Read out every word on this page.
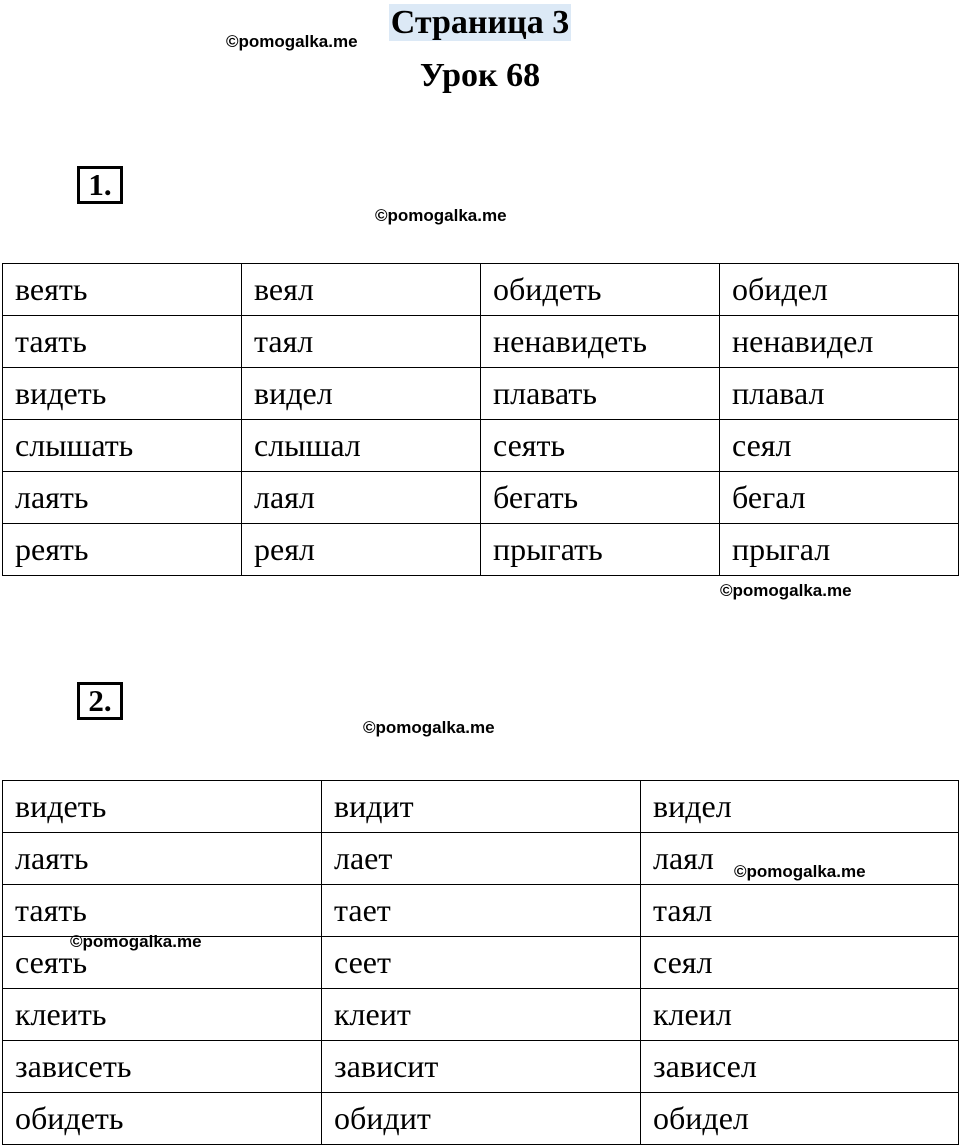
©pomogalka.me
Страница 3
Урок 68
1.
©pomogalka.me
веять	веял	обидеть	обидел
таять	таял	ненавидеть	ненавидел
видеть	видел	плавать	плавал
слышать	слышал	сеять	сеял
лаять	лаял	бегать	бегал
реять	реял	прыгать	прыгал
©pomogalka.me
2.
©pomogalka.me
видеть	видит	видел
лаять	лает	лаял
таять	тает	таял
сеять	сеет	сеял
клеить	клеит	клеил
зависеть	зависит	зависел
обидеть	обидит	обидел
©pomogalka.me
©pomogalka.me
